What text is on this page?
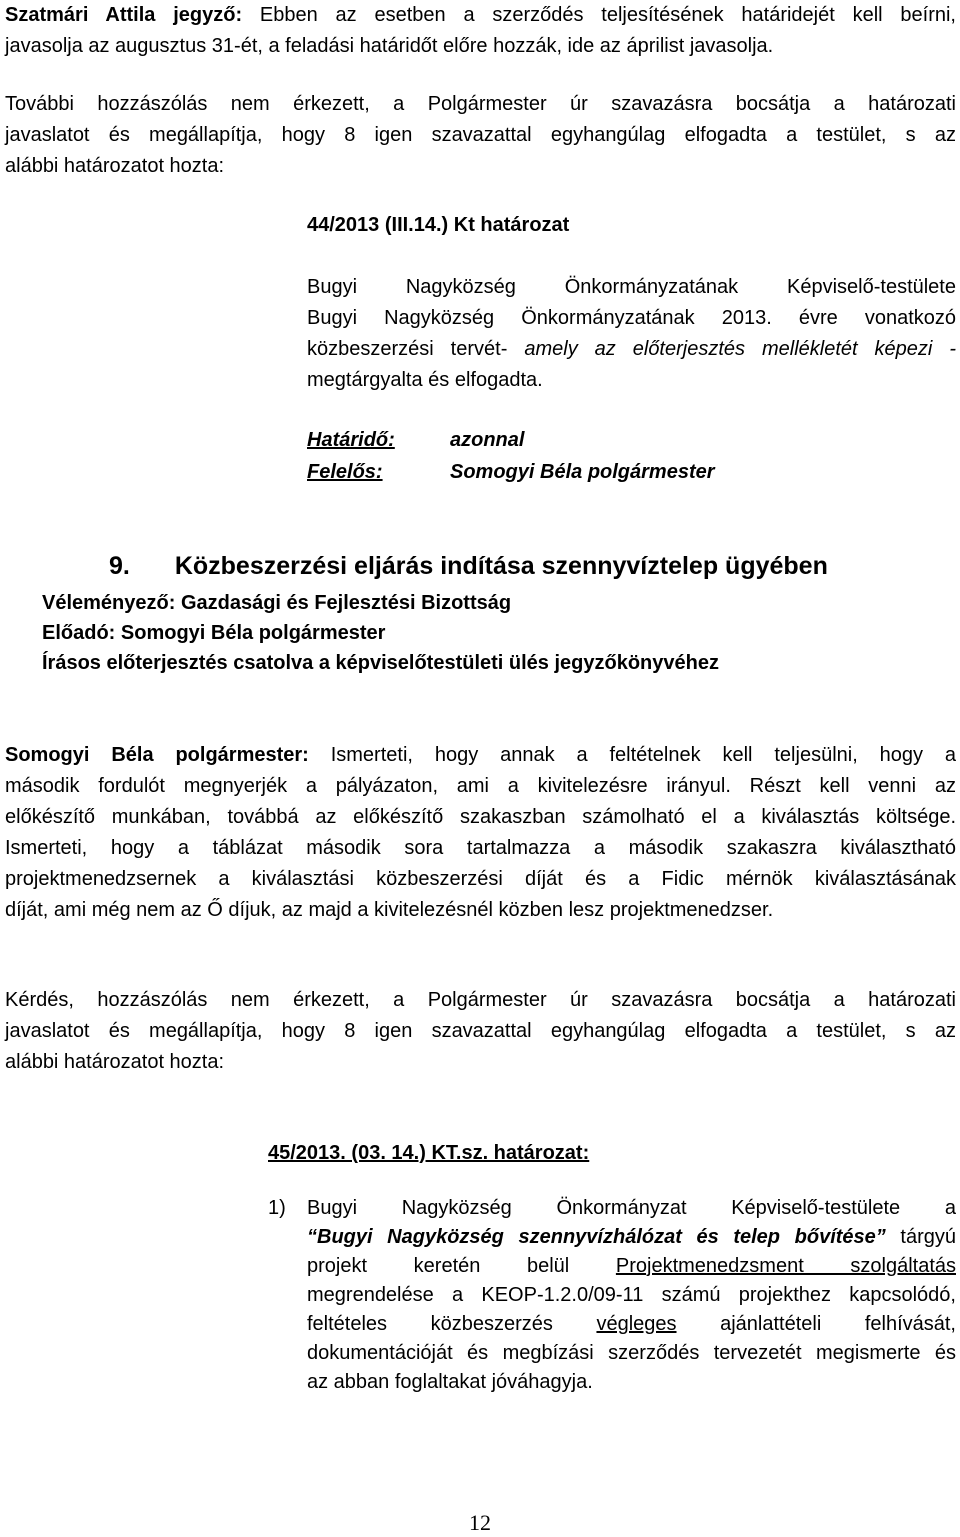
Szatmári Attila jegyző: Ebben az esetben a szerződés teljesítésének határidejét kell beírni,
javasolja az augusztus 31-ét, a feladási határidőt előre hozzák, ide az áprilist javasolja.
További hozzászólás nem érkezett, a Polgármester úr szavazásra bocsátja a határozati
javaslatot és megállapítja, hogy 8 igen szavazattal egyhangúlag elfogadta a testület, s az
alábbi határozatot hozta:
44/2013 (III.14.) Kt határozat
Bugyi Nagyközség Önkormányzatának Képviselő-testülete
Bugyi Nagyközség Önkormányzatának 2013. évre vonatkozó
közbeszerzési tervét- amely az előterjesztés mellékletét képezi -
megtárgyalta és elfogadta.
Határidő:	azonnal
Felelős:	Somogyi Béla polgármester
9. Közbeszerzési eljárás indítása szennyvíztelep ügyében
Véleményező: Gazdasági és Fejlesztési Bizottság
Előadó: Somogyi Béla polgármester
Írásos előterjesztés csatolva a képviselőtestületi ülés jegyzőkönyvéhez
Somogyi Béla polgármester: Ismerteti, hogy annak a feltételnek kell teljesülni, hogy a
második fordulót megnyerjék a pályázaton, ami a kivitelezésre irányul. Részt kell venni az
előkészítő munkában, továbbá az előkészítő szakaszban számolható el a kiválasztás költsége.
Ismerteti, hogy a táblázat második sora tartalmazza a második szakaszra kiválasztható
projektmenedzsernek a kiválasztási közbeszerzési díját és a Fidic mérnök kiválasztásának
díját, ami még nem az Ő díjuk, az majd a kivitelezésnél közben lesz projektmenedzser.
Kérdés, hozzászólás nem érkezett, a Polgármester úr szavazásra bocsátja a határozati
javaslatot és megállapítja, hogy 8 igen szavazattal egyhangúlag elfogadta a testület, s az
alábbi határozatot hozta:
45/2013. (03. 14.) KT.sz. határozat:
1) Bugyi Nagyközség Önkormányzat Képviselő-testülete a
“Bugyi Nagyközség szennyvízhálózat és telep bővítése” tárgyú
projekt keretén belül Projektmenedzsment szolgáltatás
megrendelése a KEOP-1.2.0/09-11 számú projekthez kapcsolódó,
feltételes közbeszerzés végleges ajánlattételi felhívását,
dokumentációját és megbízási szerződés tervezetét megismerte és
az abban foglaltakat jóváhagyja.
12
